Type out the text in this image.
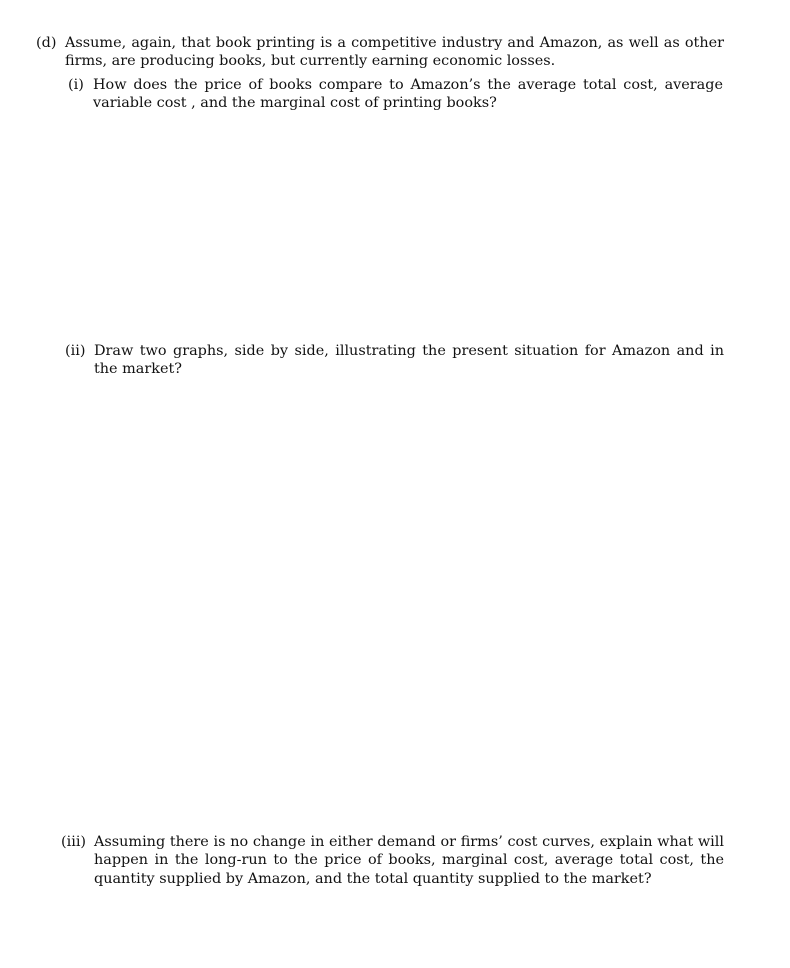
(d) Assume, again, that book printing is a competitive industry and Amazon, as well as other firms, are producing books, but currently earning economic losses.
(i) How does the price of books compare to Amazon’s the average total cost, average variable cost , and the marginal cost of printing books?
(ii) Draw two graphs, side by side, illustrating the present situation for Amazon and in the market?
(iii) Assuming there is no change in either demand or firms’ cost curves, explain what will happen in the long-run to the price of books, marginal cost, average total cost, the quantity supplied by Amazon, and the total quantity supplied to the market?
